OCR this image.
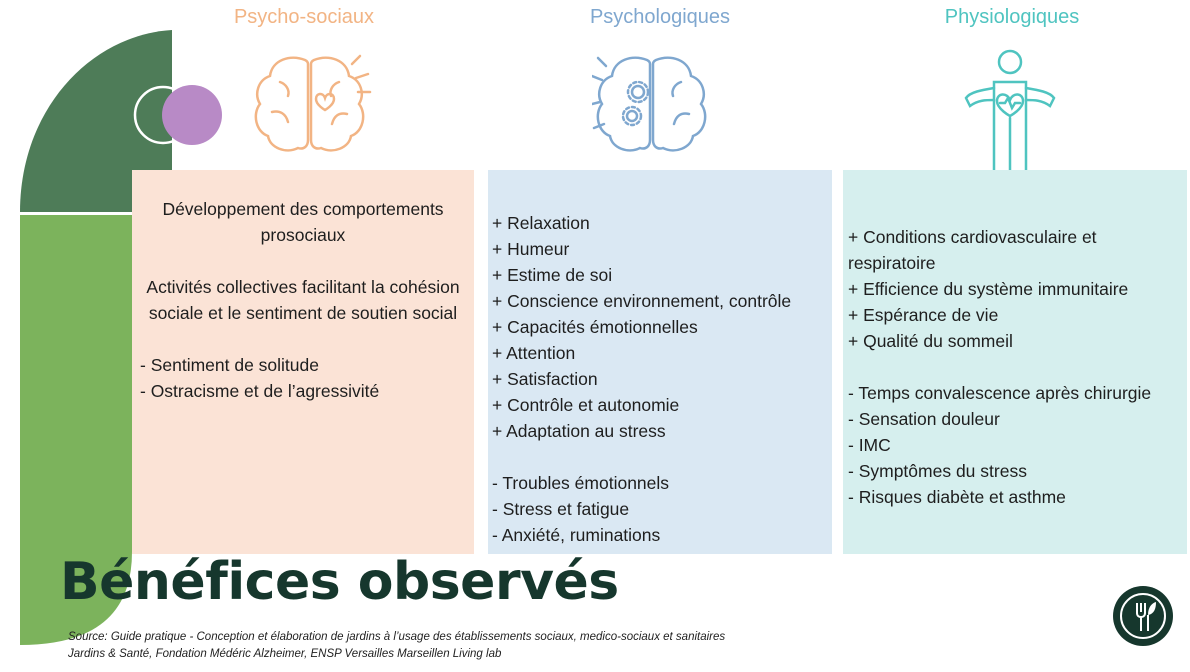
Psycho-sociaux	Psychologiques	Physiologiques
Développement des comportements prosociaux
Activités collectives facilitant la cohésion sociale et le sentiment de soutien social
- Sentiment de solitude
- Ostracisme et de l’agressivité
+ Relaxation
+ Humeur
+ Estime de soi
+ Conscience environnement, contrôle
+ Capacités émotionnelles
+ Attention
+ Satisfaction
+ Contrôle et autonomie
+ Adaptation au stress
- Troubles émotionnels
- Stress et fatigue
- Anxiété, ruminations
+ Conditions cardiovasculaire et respiratoire
+ Efficience du système immunitaire
+ Espérance de vie
+ Qualité du sommeil
- Temps convalescence après chirurgie
- Sensation douleur
- IMC
- Symptômes du stress
- Risques diabète et asthme
Bénéfices observés
Source: Guide pratique - Conception et élaboration de jardins à l’usage des établissements sociaux, medico-sociaux et sanitaires Jardins & Santé, Fondation Médéric Alzheimer, ENSP Versailles Marseillen Living lab
